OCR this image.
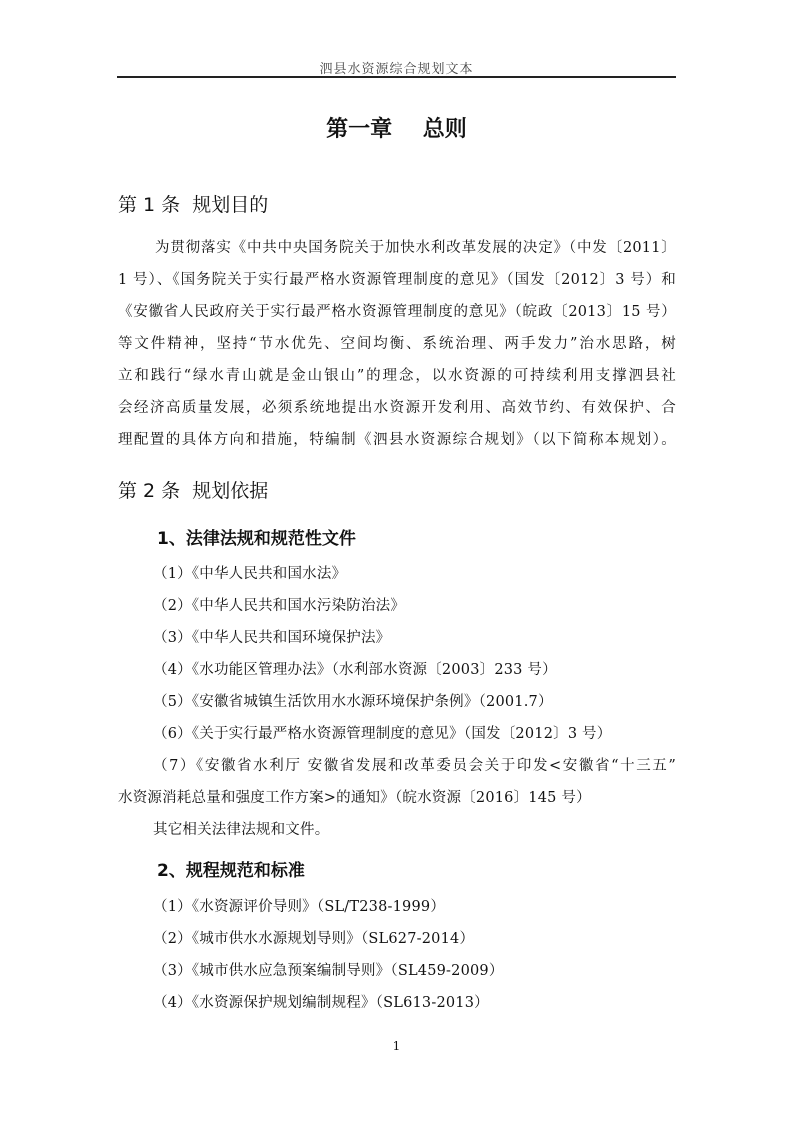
泗县水资源综合规划文本
第一章    总则
第 1 条  规划目的
为贯彻落实《中共中央国务院关于加快水利改革发展的决定》（中发〔2011〕
1 号）、《国务院关于实行最严格水资源管理制度的意见》（国发〔2012〕3 号）和
《安徽省人民政府关于实行最严格水资源管理制度的意见》（皖政〔2013〕15 号）
等文件精神，坚持“节水优先、空间均衡、系统治理、两手发力”治水思路，树
立和践行“绿水青山就是金山银山”的理念，以水资源的可持续利用支撑泗县社
会经济高质量发展，必须系统地提出水资源开发利用、高效节约、有效保护、合
理配置的具体方向和措施，特编制《泗县水资源综合规划》（以下简称本规划）。
第 2 条  规划依据
1、法律法规和规范性文件
（1）《中华人民共和国水法》
（2）《中华人民共和国水污染防治法》
（3）《中华人民共和国环境保护法》
（4）《水功能区管理办法》（水利部水资源〔2003〕233 号）
（5）《安徽省城镇生活饮用水水源环境保护条例》（2001.7）
（6）《关于实行最严格水资源管理制度的意见》（国发〔2012〕3 号）
（7）《安徽省水利厅 安徽省发展和改革委员会关于印发<安徽省“十三五”
水资源消耗总量和强度工作方案>的通知》（皖水资源〔2016〕145 号）
其它相关法律法规和文件。
2、规程规范和标准
（1）《水资源评价导则》（SL/T238-1999）
（2）《城市供水水源规划导则》（SL627-2014）
（3）《城市供水应急预案编制导则》（SL459-2009）
（4）《水资源保护规划编制规程》（SL613-2013）
1
